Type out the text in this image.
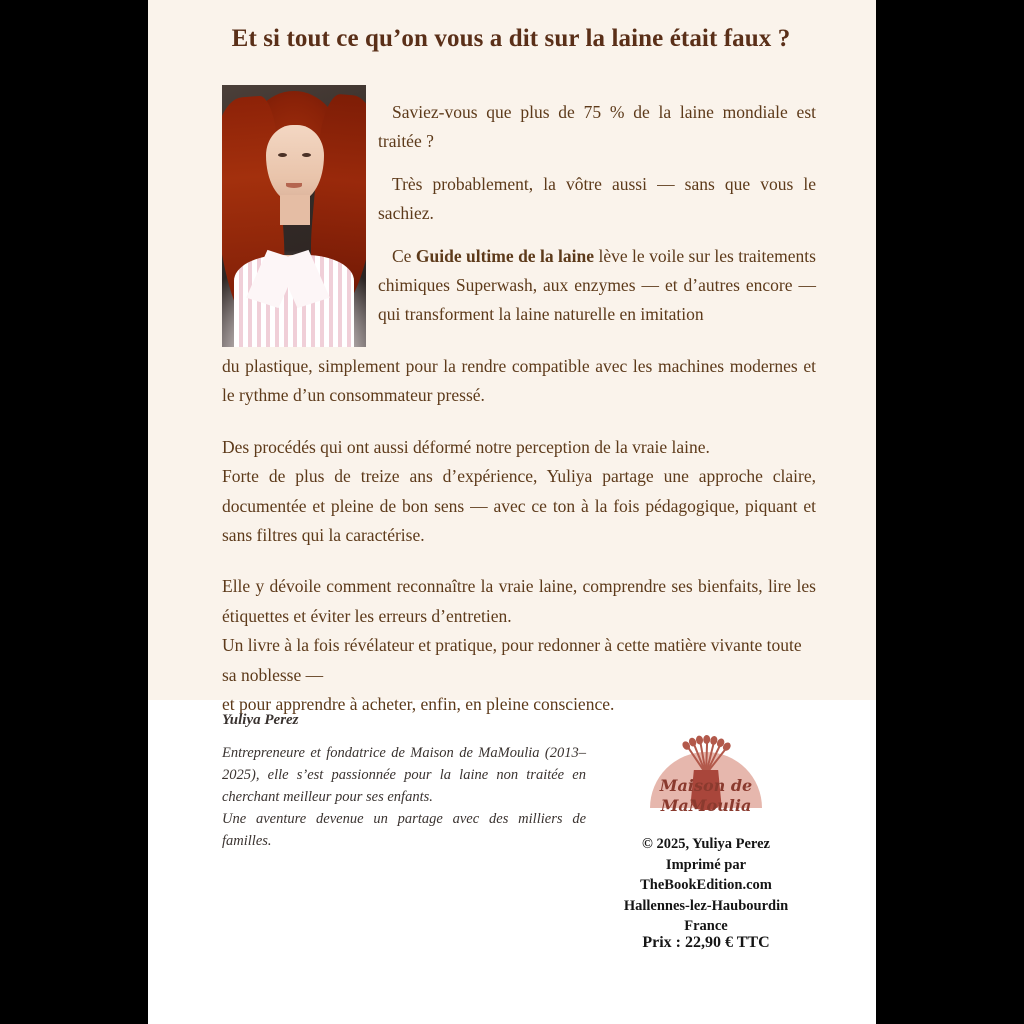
Et si tout ce qu’on vous a dit sur la laine était faux ?

Saviez-vous que plus de 75 % de la laine mondiale est traitée ?

Très probablement, la vôtre aussi — sans que vous le sachiez.

Ce Guide ultime de la laine lève le voile sur les traitements chimiques Superwash, aux enzymes — et d’autres encore — qui transforment la laine naturelle en imitation

du plastique, simplement pour la rendre compatible avec les machines modernes et le rythme d’un consommateur pressé.

Des procédés qui ont aussi déformé notre perception de la vraie laine.

Forte de plus de treize ans d’expérience, Yuliya partage une approche claire, documentée et pleine de bon sens — avec ce ton à la fois pédagogique, piquant et sans filtres qui la caractérise.

Elle y dévoile comment reconnaître la vraie laine, comprendre ses bienfaits, lire les étiquettes et éviter les erreurs d’entretien.

Un livre à la fois révélateur et pratique, pour redonner à cette matière vivante toute sa noblesse —

et pour apprendre à acheter, enfin, en pleine conscience.

Yuliya Perez

Entrepreneure et fondatrice de Maison de MaMoulia (2013–2025), elle s’est passionnée pour la laine non traitée en cherchant meilleur pour ses enfants.

Une aventure devenue un partage avec des milliers de familles.

Maison de
MaMoulia
© 2025, Yuliya Perez
Imprimé par
TheBookEdition.com
Hallennes-lez-Haubourdin
France
Prix : 22,90 € TTC
